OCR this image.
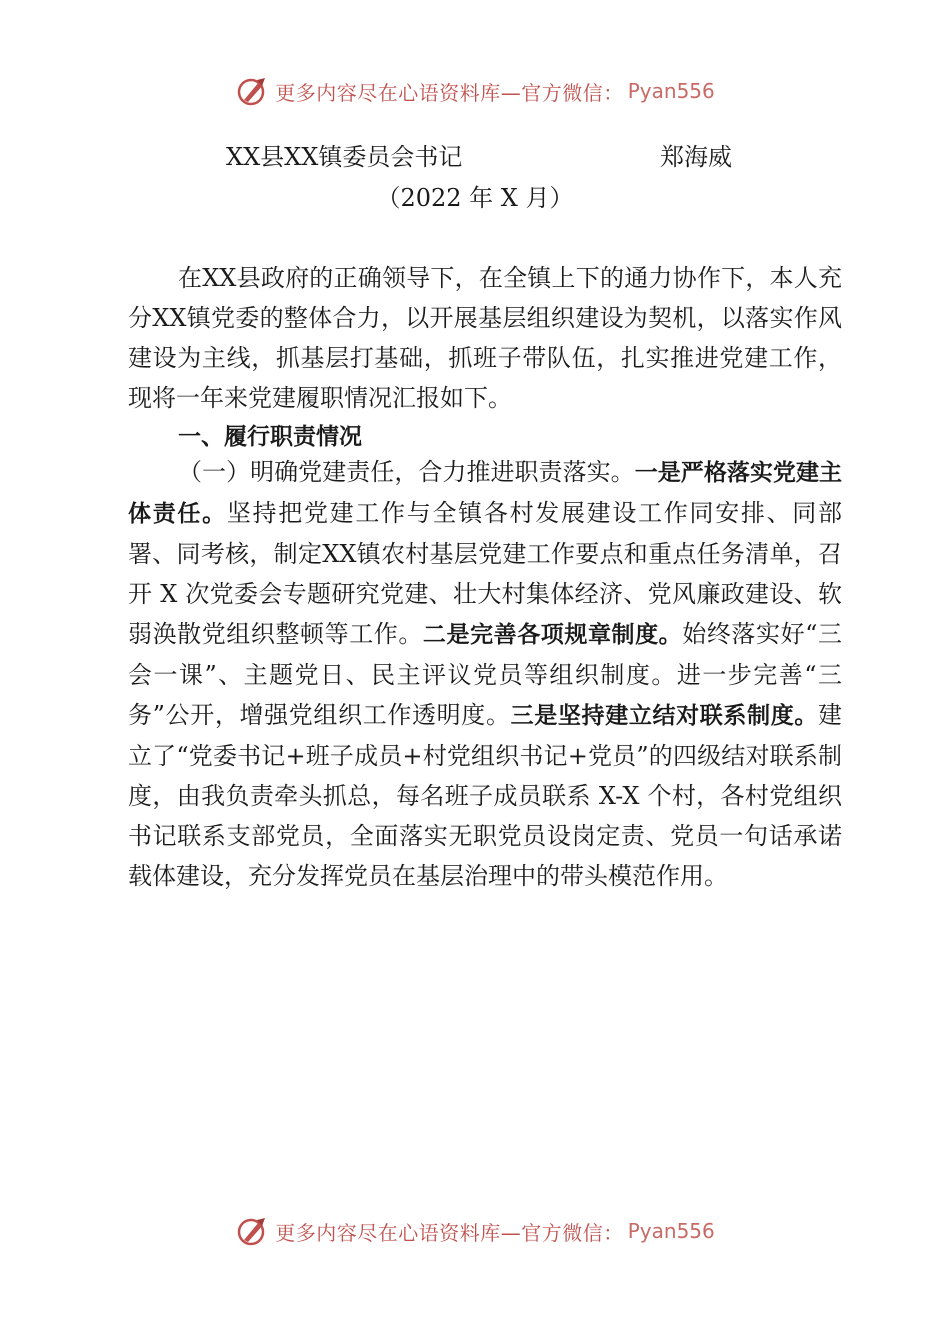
更多内容尽在心语资料库—官方微信： Pyan556
XX县XX镇委员会书记	郑海威
（2022 年 X 月）
在XX县政府的正确领导下，在全镇上下的通力协作下，本人充分XX镇党委的整体合力，以开展基层组织建设为契机，以落实作风建设为主线，抓基层打基础，抓班子带队伍，扎实推进党建工作，现将一年来党建履职情况汇报如下。
一、履行职责情况
（一）明确党建责任，合力推进职责落实。一是严格落实党建主体责任。坚持把党建工作与全镇各村发展建设工作同安排、同部署、同考核，制定XX镇农村基层党建工作要点和重点任务清单，召开 X 次党委会专题研究党建、壮大村集体经济、党风廉政建设、软弱涣散党组织整顿等工作。二是完善各项规章制度。始终落实好“三会一课”、主题党日、民主评议党员等组织制度。进一步完善“三务”公开，增强党组织工作透明度。三是坚持建立结对联系制度。建立了“党委书记+班子成员+村党组织书记+党员”的四级结对联系制度，由我负责牵头抓总，每名班子成员联系 X-X 个村，各村党组织书记联系支部党员，全面落实无职党员设岗定责、党员一句话承诺载体建设，充分发挥党员在基层治理中的带头模范作用。
更多内容尽在心语资料库—官方微信： Pyan556
